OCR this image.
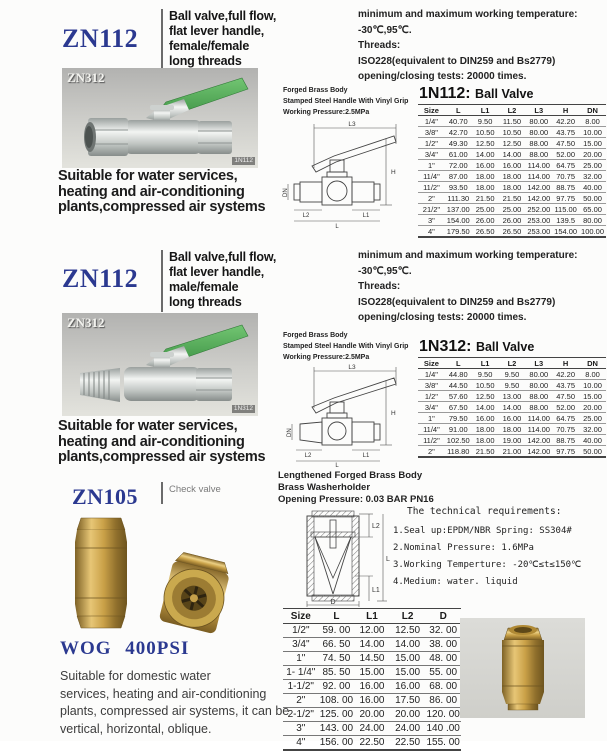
ZN112
Ball valve,full flow,
flat lever handle,
female/female
long threads
ZN312
1N112
Suitable for water services,
heating and air-conditioning
plants,compressed air systems
minimum and maximum working temperature:
-30℃,95℃.
Threads:
ISO228(equivalent to DIN259 and Bs2779)
opening/closing tests: 20000 times.
Forged Brass Body
Stamped Steel Handle With Vinyl Grip
Working Pressure:2.5MPa
L3
H
DN
L2	L1
L
1N112: Ball Valve
Size	L	L1	L2	L3	H	DN
1/4"	40.70	9.50	11.50	80.00	42.20	8.00
3/8"	42.70	10.50	10.50	80.00	43.75	10.00
1/2"	49.30	12.50	12.50	88.00	47.50	15.00
3/4"	61.00	14.00	14.00	88.00	52.00	20.00
1"	72.00	16.00	16.00	114.00	64.75	25.00
11/4"	87.00	18.00	18.00	114.00	70.75	32.00
11/2"	93.50	18.00	18.00	142.00	88.75	40.00
2"	111.30	21.50	21.50	142.00	97.75	50.00
21/2"	137.00	25.00	25.00	252.00	115.00	65.00
3"	154.00	26.00	26.00	253.00	139.5	80.00
4"	179.50	26.50	26.50	253.00	154.00	100.00
ZN112
Ball valve,full flow,
flat lever handle,
male/female
long threads
ZN312
1N312
Suitable for water services,
heating and air-conditioning
plants,compressed air systems
minimum and maximum working temperature:
-30℃,95℃.
Threads:
ISO228(equivalent to DIN259 and Bs2779)
opening/closing tests: 20000 times.
Forged Brass Body
Stamped Steel Handle With Vinyl Grip
Working Pressure:2.5MPa
L3
H
DN
L2	L1
L
1N312: Ball Valve
Size	L	L1	L2	L3	H	DN
1/4"	44.80	9.50	9.50	80.00	42.20	8.00
3/8"	44.50	10.50	9.50	80.00	43.75	10.00
1/2"	57.60	12.50	13.00	88.00	47.50	15.00
3/4"	67.50	14.00	14.00	88.00	52.00	20.00
1"	79.50	16.00	16.00	114.00	64.75	25.00
11/4"	91.00	18.00	18.00	114.00	70.75	32.00
11/2"	102.50	18.00	19.00	142.00	88.75	40.00
2"	118.80	21.50	21.00	142.00	97.75	50.00
ZN105	Check valve
WOG 400PSI
Suitable for domestic water
services, heating and air-conditioning
plants, compressed air systems, it can be
vertical, horizontal, oblique.
Lengthened Forged Brass Body
Brass Washerholder
Opening Pressure: 0.03 BAR PN16
L2
L
L1
D
The technical requirements:
1.Seal up:EPDM/NBR Spring: SS304#
2.Nominal Pressure: 1.6MPa
3.Working Temperture: -20℃≤t≤150℃
4.Medium: water. liquid
Size	L	L1	L2	D
1/2"	59. 00	12.00	12.50	32. 00
3/4"	66. 50	14.00	14.00	38. 00
1"	74. 50	14.50	15.00	48. 00
1- 1/4"	85. 50	15.00	15.00	55. 00
1-1/2"	92. 00	16.00	16.00	68. 00
2"	108. 00	16.00	17.50	86. 00
2-1/2"	125. 00	20.00	20.00	120. 00
3"	143. 00	24.00	24.00	140 .00
4"	156. 00	22.50	22.50	155. 00
